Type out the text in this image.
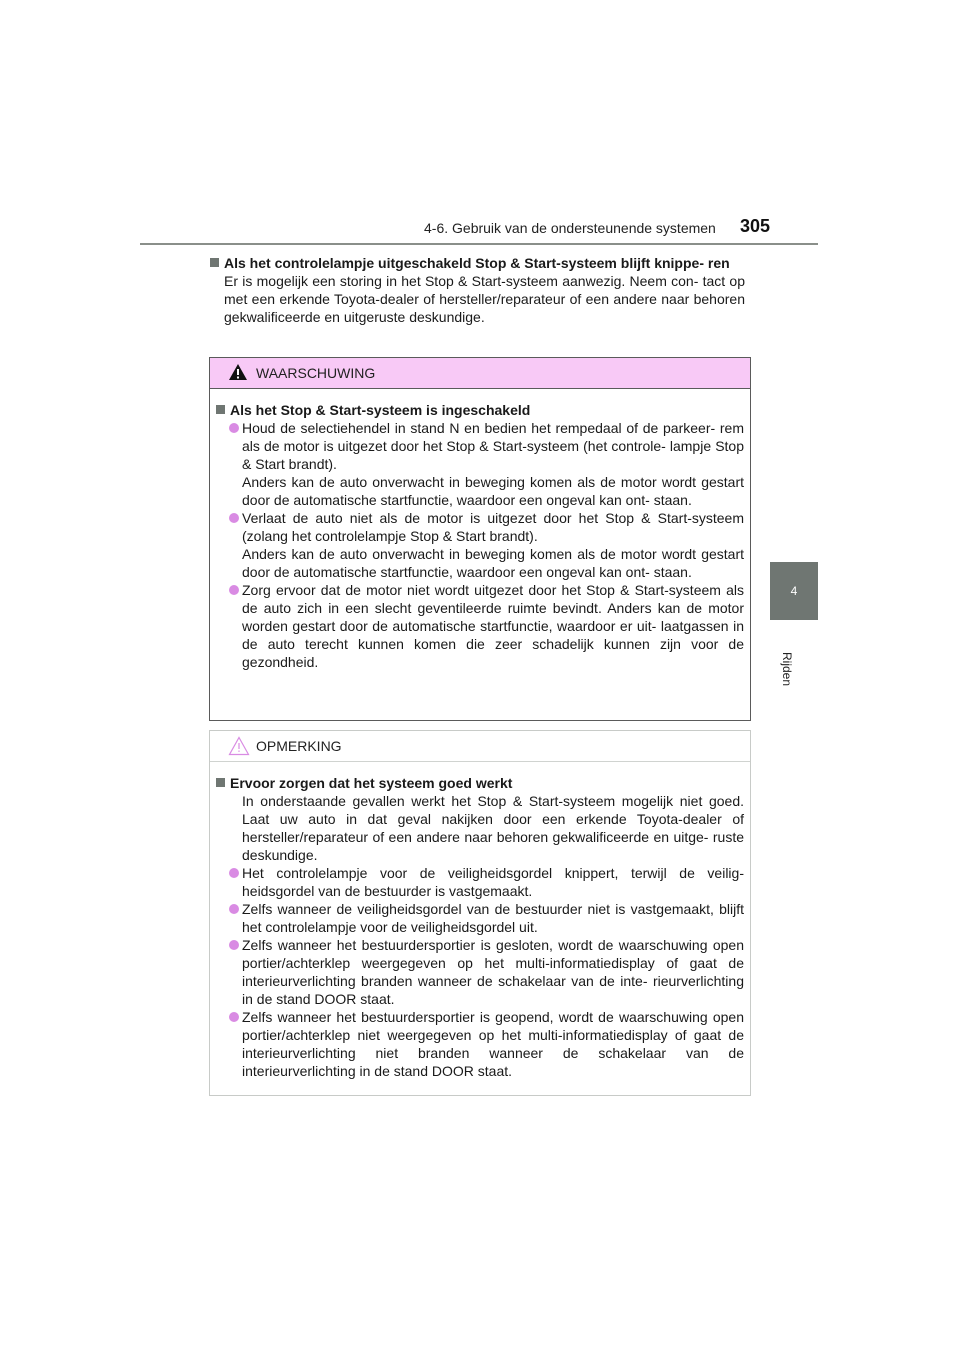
4-6. Gebruik van de ondersteunende systemen 305
4
Rijden

Als het controlelampje uitgeschakeld Stop & Start-systeem blijft knippe- ren

Er is mogelijk een storing in het Stop & Start-systeem aanwezig. Neem con- tact op met een erkende Toyota-dealer of hersteller/reparateur of een andere naar behoren gekwalificeerde en uitgeruste deskundige.

WAARSCHUWING

Als het Stop & Start-systeem is ingeschakeld

Houd de selectiehendel in stand N en bedien het rempedaal of de parkeer- rem als de motor is uitgezet door het Stop & Start-systeem (het controle- lampje Stop & Start brandt).

Anders kan de auto onverwacht in beweging komen als de motor wordt gestart door de automatische startfunctie, waardoor een ongeval kan ont- staan.

Verlaat de auto niet als de motor is uitgezet door het Stop & Start-systeem (zolang het controlelampje Stop & Start brandt).

Anders kan de auto onverwacht in beweging komen als de motor wordt gestart door de automatische startfunctie, waardoor een ongeval kan ont- staan.

Zorg ervoor dat de motor niet wordt uitgezet door het Stop & Start-systeem als de auto zich in een slecht geventileerde ruimte bevindt. Anders kan de motor worden gestart door de automatische startfunctie, waardoor er uit- laatgassen in de auto terecht kunnen komen die zeer schadelijk kunnen zijn voor de gezondheid.

OPMERKING

Ervoor zorgen dat het systeem goed werkt

In onderstaande gevallen werkt het Stop & Start-systeem mogelijk niet goed. Laat uw auto in dat geval nakijken door een erkende Toyota-dealer of hersteller/reparateur of een andere naar behoren gekwalificeerde en uitge- ruste deskundige.

Het controlelampje voor de veiligheidsgordel knippert, terwijl de veilig- heidsgordel van de bestuurder is vastgemaakt.

Zelfs wanneer de veiligheidsgordel van de bestuurder niet is vastgemaakt, blijft het controlelampje voor de veiligheidsgordel uit.

Zelfs wanneer het bestuurdersportier is gesloten, wordt de waarschuwing open portier/achterklep weergegeven op het multi-informatiedisplay of gaat de interieurverlichting branden wanneer de schakelaar van de inte- rieurverlichting in de stand DOOR staat.

Zelfs wanneer het bestuurdersportier is geopend, wordt de waarschuwing open portier/achterklep niet weergegeven op het multi-informatiedisplay of gaat de interieurverlichting niet branden wanneer de schakelaar van de interieurverlichting in de stand DOOR staat.
